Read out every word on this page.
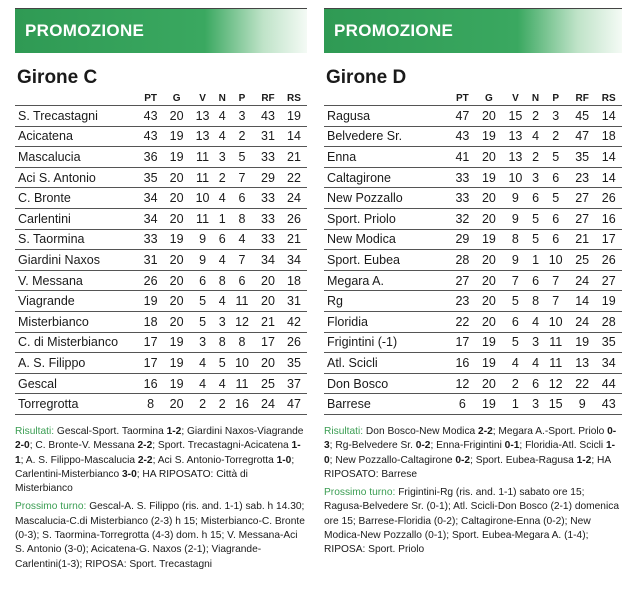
PROMOZIONE
Girone C
	PT	G	V	N	P	RF	RS
S. Trecastagni	43	20	13	4	3	43	19
Acicatena	43	19	13	4	2	31	14
Mascalucia	36	19	11	3	5	33	21
Aci S. Antonio	35	20	11	2	7	29	22
C. Bronte	34	20	10	4	6	33	24
Carlentini	34	20	11	1	8	33	26
S. Taormina	33	19	9	6	4	33	21
Giardini Naxos	31	20	9	4	7	34	34
V. Messana	26	20	6	8	6	20	18
Viagrande	19	20	5	4	11	20	31
Misterbianco	18	20	5	3	12	21	42
C. di Misterbianco	17	19	3	8	8	17	26
A. S. Filippo	17	19	4	5	10	20	35
Gescal	16	19	4	4	11	25	37
Torregrotta	8	20	2	2	16	24	47

Risultati: Gescal-Sport. Taormina 1-2; Giardini Naxos-Viagrande 2-0; C. Bronte-V. Messana 2-2; Sport. Trecastagni-Acicatena 1-1; A. S. Filippo-Mascalucia 2-2; Aci S. Antonio-Torregrotta 1-0; Carlentini-Misterbianco 3-0; HA RIPOSATO: Città di Misterbianco

Prossimo turno: Gescal-A. S. Filippo (ris. and. 1-1) sab. h 14.30; Mascalucia-C.di Misterbianco (2-3) h 15; Misterbianco-C. Bronte (0-3); S. Taormina-Torregrotta (4-3) dom. h 15; V. Messana-Aci S. Antonio (3-0); Acicatena-G. Naxos (2-1); Viagrande-Carlentini(1-3); RIPOSA: Sport. Trecastagni

PROMOZIONE
Girone D
	PT	G	V	N	P	RF	RS
Ragusa	47	20	15	2	3	45	14
Belvedere Sr.	43	19	13	4	2	47	18
Enna	41	20	13	2	5	35	14
Caltagirone	33	19	10	3	6	23	14
New Pozzallo	33	20	9	6	5	27	26
Sport. Priolo	32	20	9	5	6	27	16
New Modica	29	19	8	5	6	21	17
Sport. Eubea	28	20	9	1	10	25	26
Megara A.	27	20	7	6	7	24	27
Rg	23	20	5	8	7	14	19
Floridia	22	20	6	4	10	24	28
Frigintini (-1)	17	19	5	3	11	19	35
Atl. Scicli	16	19	4	4	11	13	34
Don Bosco	12	20	2	6	12	22	44
Barrese	6	19	1	3	15	9	43

Risultati: Don Bosco-New Modica 2-2; Megara A.-Sport. Priolo 0-3; Rg-Belvedere Sr. 0-2; Enna-Frigintini 0-1; Floridia-Atl. Scicli 1-0; New Pozzallo-Caltagirone 0-2; Sport. Eubea-Ragusa 1-2; HA RIPOSATO: Barrese

Prossimo turno: Frigintini-Rg (ris. and. 1-1) sabato ore 15; Ragusa-Belvedere Sr. (0-1); Atl. Scicli-Don Bosco (2-1) domenica ore 15; Barrese-Floridia (0-2); Caltagirone-Enna (0-2); New Modica-New Pozzallo (0-1); Sport. Eubea-Megara A. (1-4); RIPOSA: Sport. Priolo
